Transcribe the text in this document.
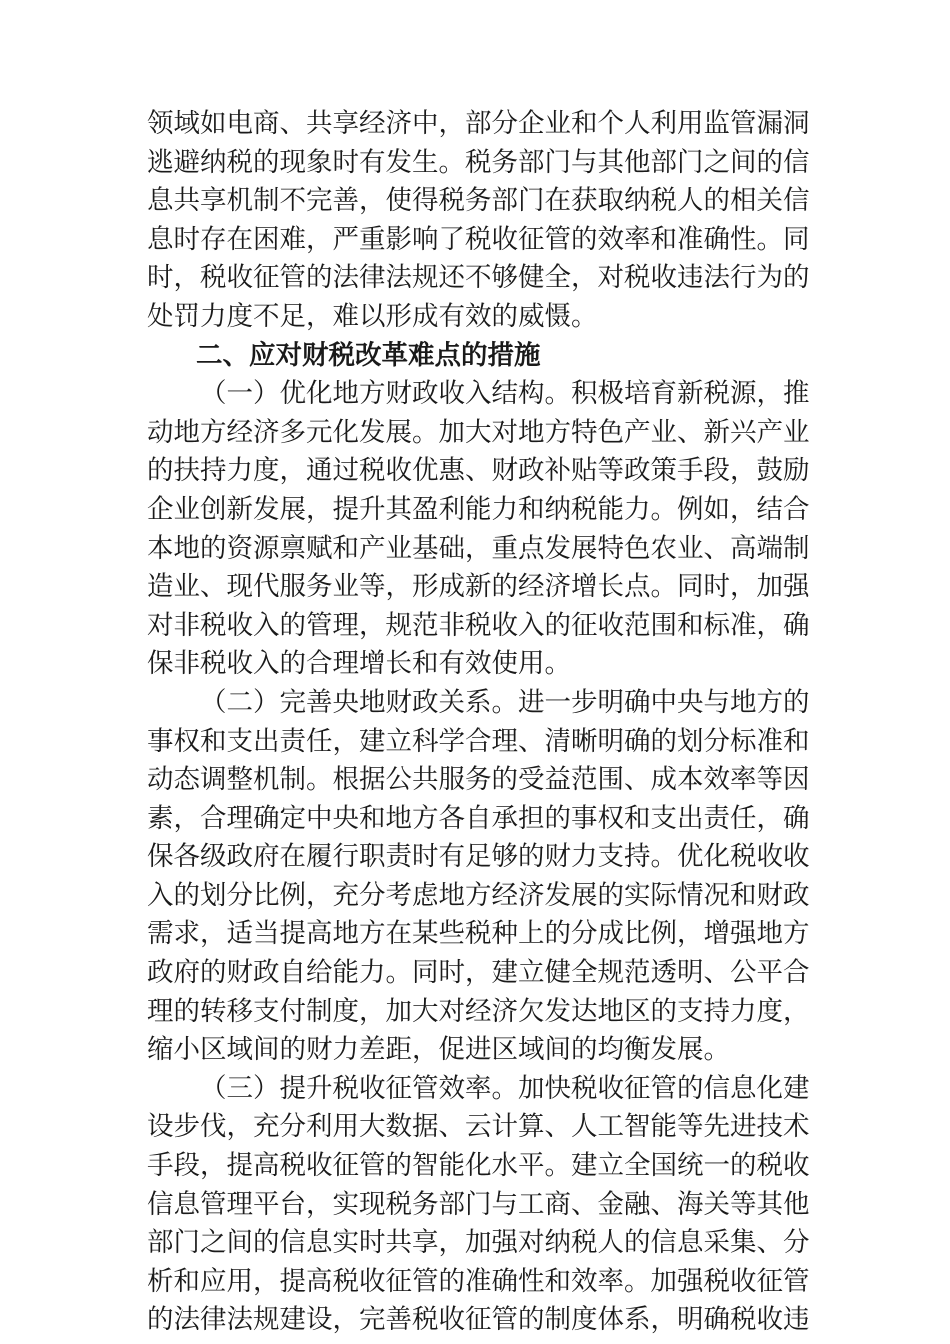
领域如电商、共享经济中，部分企业和个人利用监管漏洞
逃避纳税的现象时有发生。税务部门与其他部门之间的信
息共享机制不完善，使得税务部门在获取纳税人的相关信
息时存在困难，严重影响了税收征管的效率和准确性。同
时，税收征管的法律法规还不够健全，对税收违法行为的
处罚力度不足，难以形成有效的威慑。
二、应对财税改革难点的措施
（一）优化地方财政收入结构。积极培育新税源，推
动地方经济多元化发展。加大对地方特色产业、新兴产业
的扶持力度，通过税收优惠、财政补贴等政策手段，鼓励
企业创新发展，提升其盈利能力和纳税能力。例如，结合
本地的资源禀赋和产业基础，重点发展特色农业、高端制
造业、现代服务业等，形成新的经济增长点。同时，加强
对非税收入的管理，规范非税收入的征收范围和标准，确
保非税收入的合理增长和有效使用。
（二）完善央地财政关系。进一步明确中央与地方的
事权和支出责任，建立科学合理、清晰明确的划分标准和
动态调整机制。根据公共服务的受益范围、成本效率等因
素，合理确定中央和地方各自承担的事权和支出责任，确
保各级政府在履行职责时有足够的财力支持。优化税收收
入的划分比例，充分考虑地方经济发展的实际情况和财政
需求，适当提高地方在某些税种上的分成比例，增强地方
政府的财政自给能力。同时，建立健全规范透明、公平合
理的转移支付制度，加大对经济欠发达地区的支持力度，
缩小区域间的财力差距，促进区域间的均衡发展。
（三）提升税收征管效率。加快税收征管的信息化建
设步伐，充分利用大数据、云计算、人工智能等先进技术
手段，提高税收征管的智能化水平。建立全国统一的税收
信息管理平台，实现税务部门与工商、金融、海关等其他
部门之间的信息实时共享，加强对纳税人的信息采集、分
析和应用，提高税收征管的准确性和效率。加强税收征管
的法律法规建设，完善税收征管的制度体系，明确税收违
